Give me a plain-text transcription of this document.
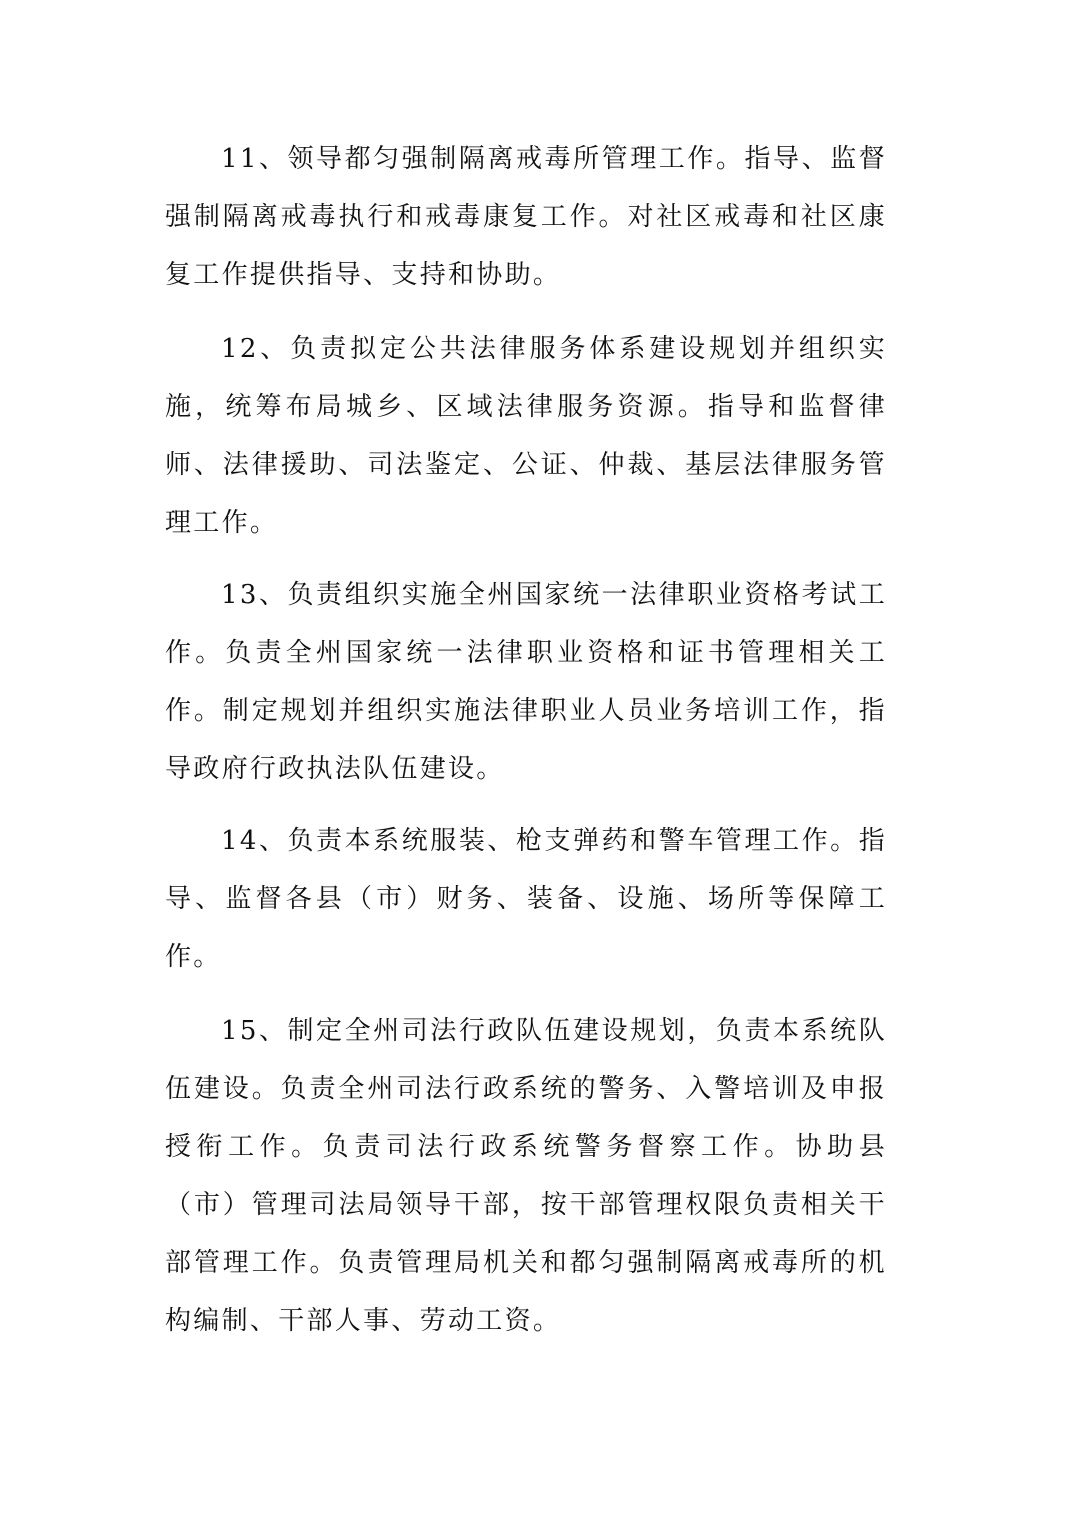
11、领导都匀强制隔离戒毒所管理工作。指导、监督强制隔离戒毒执行和戒毒康复工作。对社区戒毒和社区康复工作提供指导、支持和协助。

12、负责拟定公共法律服务体系建设规划并组织实施，统筹布局城乡、区域法律服务资源。指导和监督律师、法律援助、司法鉴定、公证、仲裁、基层法律服务管理工作。

13、负责组织实施全州国家统一法律职业资格考试工作。负责全州国家统一法律职业资格和证书管理相关工作。制定规划并组织实施法律职业人员业务培训工作，指导政府行政执法队伍建设。

14、负责本系统服装、枪支弹药和警车管理工作。指导、监督各县（市）财务、装备、设施、场所等保障工作。

15、制定全州司法行政队伍建设规划，负责本系统队伍建设。负责全州司法行政系统的警务、入警培训及申报授衔工作。负责司法行政系统警务督察工作。协助县（市）管理司法局领导干部，按干部管理权限负责相关干部管理工作。负责管理局机关和都匀强制隔离戒毒所的机构编制、干部人事、劳动工资。
